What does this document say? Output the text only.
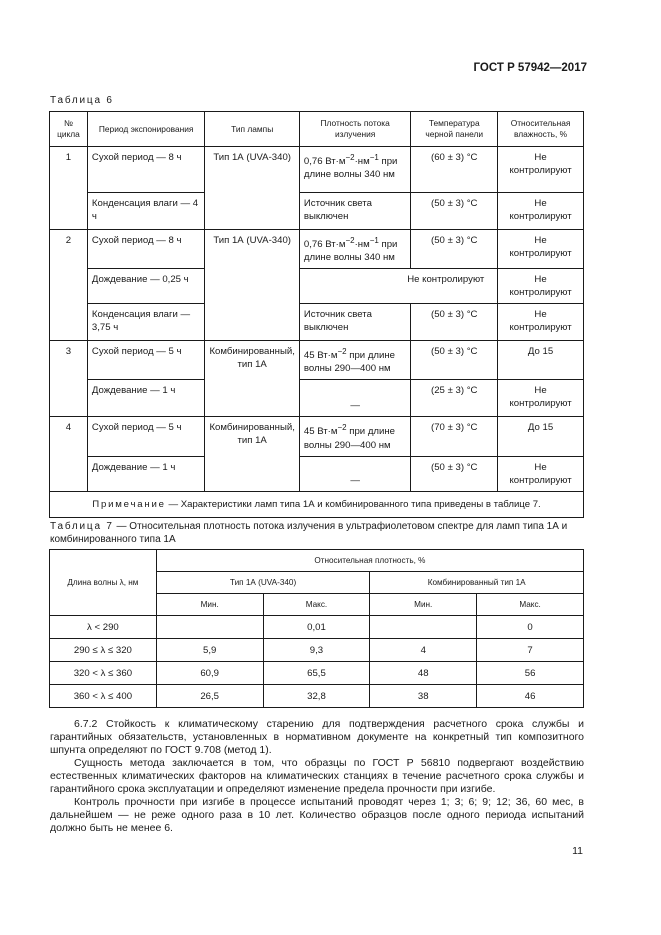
ГОСТ Р 57942—2017
Таблица 6
№ цикла	Период экспонирования	Тип лампы	Плотность потока излучения	Температура черной панели	Относительная влажность, %
1	Сухой период — 8 ч	Тип 1А (UVA-340)	0,76 $Вт\cdot м^{-2}\cdot нм^{-1}$ при длине волны 340 нм	(60 ± 3) °С	Не контролируют
	Конденсация влаги — 4 ч		Источник света выключен	(50 ± 3) °С	Не контролируют
2	Сухой период — 8 ч	Тип 1А (UVA-340)	0,76 $Вт\cdot м^{-2}\cdot нм^{-1}$ при длине волны 340 нм	(50 ± 3) °С	Не контролируют
	Дождевание — 0,25 ч		Не контролируют		Не контролируют
	Конденсация влаги — 3,75 ч		Источник света выключен	(50 ± 3) °С	Не контролируют
3	Сухой период — 5 ч	Комбинированный, тип 1А	45 $Вт\cdot м^{-2}$ при длине волны 290—400 нм	(50 ± 3) °С	До 15
	Дождевание — 1 ч		—	(25 ± 3) °С	Не контролируют
4	Сухой период — 5 ч	Комбинированный, тип 1А	45 $Вт\cdot м^{-2}$ при длине волны 290—400 нм	(70 ± 3) °С	До 15
	Дождевание — 1 ч		—	(50 ± 3) °С	Не контролируют
Примечание — Характеристики ламп типа 1А и комбинированного типа приведены в таблице 7.					
Таблица 7 — Относительная плотность потока излучения в ультрафиолетовом спектре для ламп типа 1А и комбинированного типа 1А
Длина волны λ, нм	Относительная плотность, %			
	Тип 1А (UVA-340)		Комбинированный тип 1А	
	Мин.	Макс.	Мин.	Макс.
λ < 290		0,01		0
290 ≤ λ ≤ 320	5,9	9,3	4	7
320 < λ ≤ 360	60,9	65,5	48	56
360 < λ ≤ 400	26,5	32,8	38	46

6.7.2 Стойкость к климатическому старению для подтверждения расчетного срока службы и гарантийных обязательств, установленных в нормативном документе на конкретный тип композитного шпунта определяют по ГОСТ 9.708 (метод 1).

Сущность метода заключается в том, что образцы по ГОСТ Р 56810 подвергают воздействию естественных климатических факторов на климатических станциях в течение расчетного срока службы и гарантийного срока эксплуатации и определяют изменение предела прочности при изгибе.

Контроль прочности при изгибе в процессе испытаний проводят через 1; 3; 6; 9; 12; 36, 60 мес, в дальнейшем — не реже одного раза в 10 лет. Количество образцов после одного периода испытаний должно быть не менее 6.

11
